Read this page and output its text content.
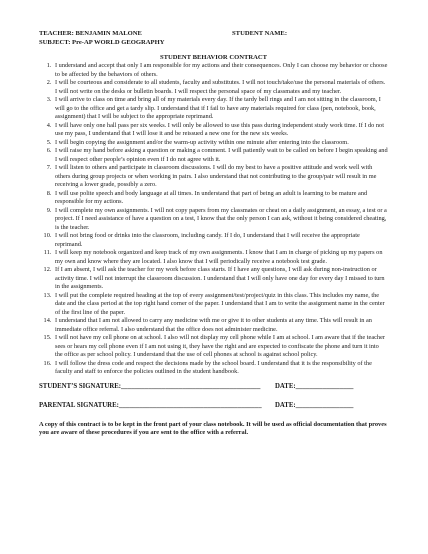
TEACHER: BENJAMIN MALONE	STUDENT NAME:
SUBJECT: Pre-AP WORLD GEOGRAPHY
STUDENT BEHAVIOR CONTRACT
1. I understand and accept that only I am responsible for my actions and their consequences. Only I can choose my behavior or choose to be affected by the behaviors of others.
2. I will be courteous and considerate to all students, faculty and substitutes. I will not touch/take/use the personal materials of others. I will not write on the desks or bulletin boards. I will respect the personal space of my classmates and my teacher.
3. I will arrive to class on time and bring all of my materials every day. If the tardy bell rings and I am not sitting in the classroom, I will go to the office and get a tardy slip. I understand that if I fail to have any materials required for class (pen, notebook, book, assignment) that I will be subject to the appropriate reprimand.
4. I will have only one hall pass per six weeks. I will only be allowed to use this pass during independent study work time. If I do not use my pass, I understand that I will lose it and be reissued a new one for the new six weeks.
5. I will begin copying the assignment and/or the warm-up activity within one minute after entering into the classroom.
6. I will raise my hand before asking a question or making a comment. I will patiently wait to be called on before I begin speaking and I will respect other people’s opinion even if I do not agree with it.
7. I will listen to others and participate in classroom discussions. I will do my best to have a positive attitude and work well with others during group projects or when working in pairs. I also understand that not contributing to the group/pair will result in me receiving a lower grade, possibly a zero.
8. I will use polite speech and body language at all times. In understand that part of being an adult is learning to be mature and responsible for my actions.
9. I will complete my own assignments. I will not copy papers from my classmates or cheat on a daily assignment, an essay, a test or a project. If I need assistance of have a question on a test, I know that the only person I can ask, without it being considered cheating, is the teacher.
10. I will not bring food or drinks into the classroom, including candy. If I do, I understand that I will receive the appropriate reprimand.
11. I will keep my notebook organized and keep track of my own assignments. I know that I am in charge of picking up my papers on my own and know where they are located. I also know that I will periodically receive a notebook test grade.
12. If I am absent, I will ask the teacher for my work before class starts. If I have any questions, I will ask during non-instruction or activity time. I will not interrupt the classroom discussion. I understand that I will only have one day for every day I missed to turn in the assignments.
13. I will put the complete required heading at the top of every assignment/test/project/quiz in this class. This includes my name, the date and the class period at the top right hand corner of the paper. I understand that I am to write the assignment name in the center of the first line of the paper.
14. I understand that I am not allowed to carry any medicine with me or give it to other students at any time. This will result in an immediate office referral. I also understand that the office does not administer medicine.
15. I will not have my cell phone on at school. I also will not display my cell phone while I am at school. I am aware that if the teacher sees or hears my cell phone even if I am not using it, they have the right and are expected to confiscate the phone and turn it into the office as per school policy. I understand that the use of cell phones at school is against school policy.
16. I will follow the dress code and respect the decisions made by the school board. I understand that it is the responsibility of the faculty and staff to enforce the policies outlined in the student handbook.
STUDENT’S SIGNATURE:_________________________________________ DATE:_________________
PARENTAL SIGNATURE:__________________________________________ DATE:_________________
A copy of this contract is to be kept in the front part of your class notebook. It will be used as official documentation that proves you are aware of these procedures if you are sent to the office with a referral.
